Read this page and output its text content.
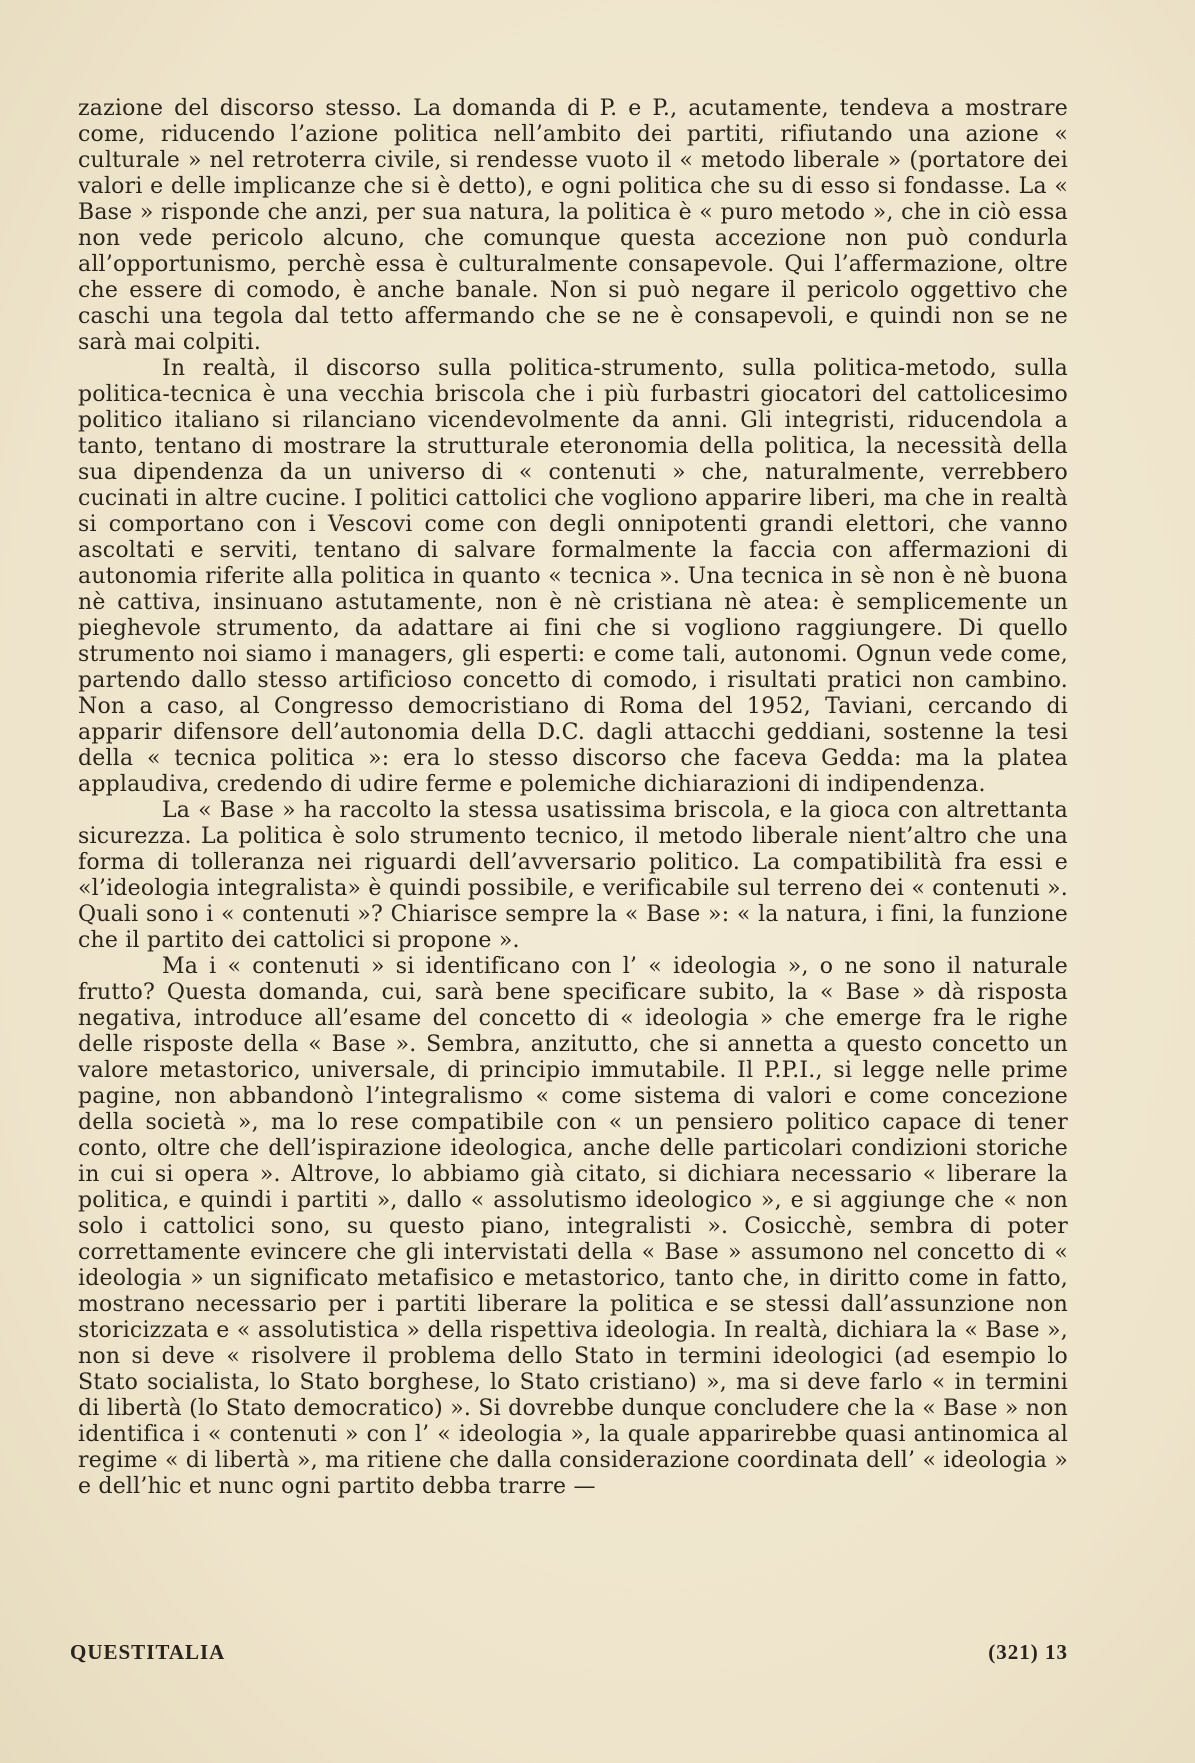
zazione del discorso stesso. La domanda di P. e P., acutamente, tendeva a mostrare come, riducendo l’azione politica nell’ambito dei partiti, rifiutando una azione « culturale » nel retroterra civile, si rendesse vuoto il « metodo liberale » (portatore dei valori e delle implicanze che si è detto), e ogni politica che su di esso si fondasse. La « Base » risponde che anzi, per sua natura, la politica è « puro metodo », che in ciò essa non vede pericolo alcuno, che comunque questa accezione non può condurla all’opportunismo, perchè essa è culturalmente consapevole. Qui l’affermazione, oltre che essere di comodo, è anche banale. Non si può negare il pericolo oggettivo che caschi una tegola dal tetto affermando che se ne è consapevoli, e quindi non se ne sarà mai colpiti.

In realtà, il discorso sulla politica-strumento, sulla politica-metodo, sulla politica-tecnica è una vecchia briscola che i più furbastri giocatori del cattolicesimo politico italiano si rilanciano vicendevolmente da anni. Gli integristi, riducendola a tanto, tentano di mostrare la strutturale eteronomia della politica, la necessità della sua dipendenza da un universo di « contenuti » che, naturalmente, verrebbero cucinati in altre cucine. I politici cattolici che vogliono apparire liberi, ma che in realtà si comportano con i Vescovi come con degli onnipotenti grandi elettori, che vanno ascoltati e serviti, tentano di salvare formalmente la faccia con affermazioni di autonomia riferite alla politica in quanto « tecnica ». Una tecnica in sè non è nè buona nè cattiva, insinuano astutamente, non è nè cristiana nè atea: è semplicemente un pieghevole strumento, da adattare ai fini che si vogliono raggiungere. Di quello strumento noi siamo i managers, gli esperti: e come tali, autonomi. Ognun vede come, partendo dallo stesso artificioso concetto di comodo, i risultati pratici non cambino. Non a caso, al Congresso democristiano di Roma del 1952, Taviani, cercando di apparir difensore dell’autonomia della D.C. dagli attacchi geddiani, sostenne la tesi della « tecnica politica »: era lo stesso discorso che faceva Gedda: ma la platea applaudiva, credendo di udire ferme e polemiche dichiarazioni di indipendenza.

La « Base » ha raccolto la stessa usatissima briscola, e la gioca con altrettanta sicurezza. La politica è solo strumento tecnico, il metodo liberale nient’altro che una forma di tolleranza nei riguardi dell’avversario politico. La compatibilità fra essi e «l’ideologia integralista» è quindi possibile, e verificabile sul terreno dei « contenuti ». Quali sono i « contenuti »? Chiarisce sempre la « Base »: « la natura, i fini, la funzione che il partito dei cattolici si propone ».

Ma i « contenuti » si identificano con l’ « ideologia », o ne sono il naturale frutto? Questa domanda, cui, sarà bene specificare subito, la « Base » dà risposta negativa, introduce all’esame del concetto di « ideologia » che emerge fra le righe delle risposte della « Base ». Sembra, anzitutto, che si annetta a questo concetto un valore metastorico, universale, di principio immutabile. Il P.P.I., si legge nelle prime pagine, non abbandonò l’integralismo « come sistema di valori e come concezione della società », ma lo rese compatibile con « un pensiero politico capace di tener conto, oltre che dell’ispirazione ideologica, anche delle particolari condizioni storiche in cui si opera ». Altrove, lo abbiamo già citato, si dichiara necessario « liberare la politica, e quindi i partiti », dallo « assolutismo ideologico », e si aggiunge che « non solo i cattolici sono, su questo piano, integralisti ». Cosicchè, sembra di poter correttamente evincere che gli intervistati della « Base » assumono nel concetto di « ideologia » un significato metafisico e metastorico, tanto che, in diritto come in fatto, mostrano necessario per i partiti liberare la politica e se stessi dall’assunzione non storicizzata e « assolutistica » della rispettiva ideologia. In realtà, dichiara la « Base », non si deve « risolvere il problema dello Stato in termini ideologici (ad esempio lo Stato socialista, lo Stato borghese, lo Stato cristiano) », ma si deve farlo « in termini di libertà (lo Stato democratico) ». Si dovrebbe dunque concludere che la « Base » non identifica i « contenuti » con l’ « ideologia », la quale apparirebbe quasi antinomica al regime « di libertà », ma ritiene che dalla considerazione coordinata dell’ « ideologia » e dell’hic et nunc ogni partito debba trarre —

QUESTITALIA	(321) 13
